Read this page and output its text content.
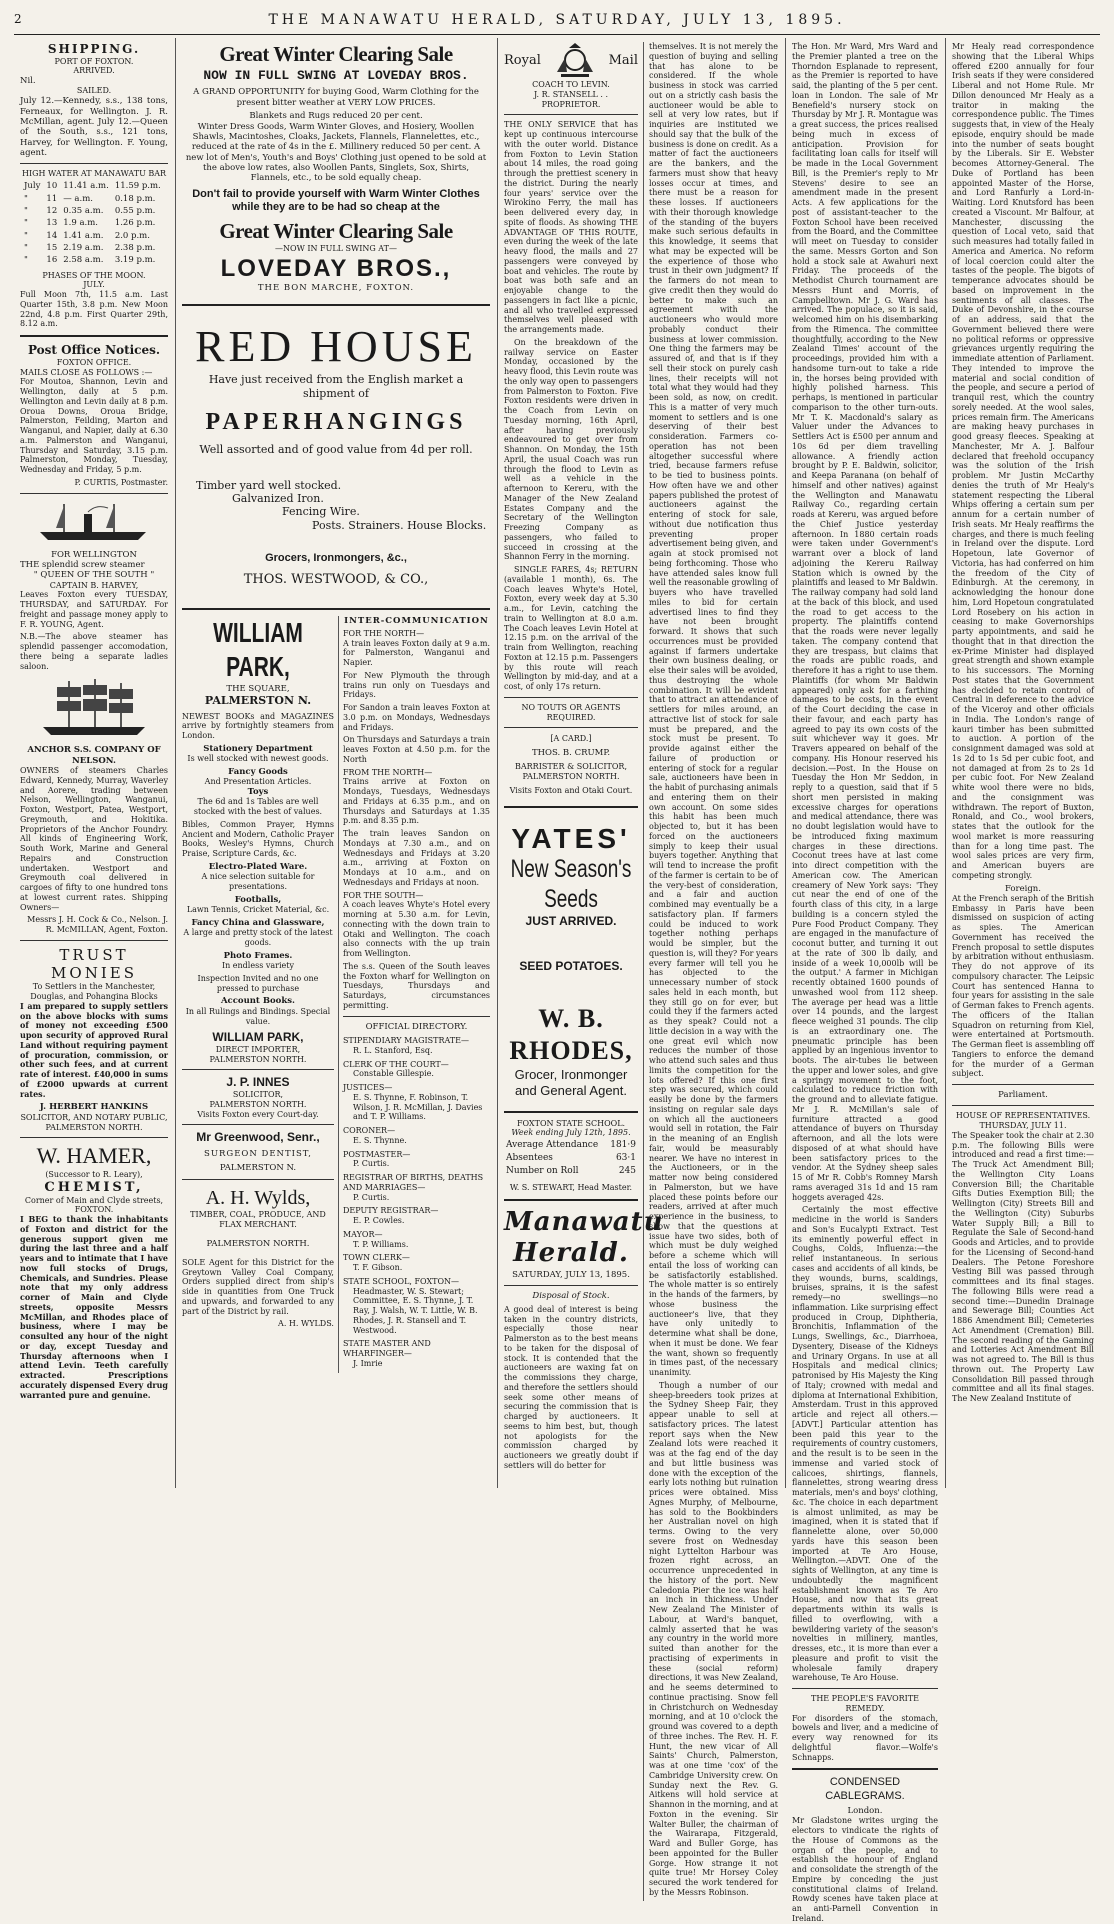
2	THE MANAWATU HERALD, SATURDAY, JULY 13, 1895.
SHIPPING.
PORT OF FOXTON.
ARRIVED.
Nil.
SAILED.

July 12.—Kennedy, s.s., 138 tons, Ferneaux, for Wellington. J. R. McMillan, agent. July 12.—Queen of the South, s.s., 121 tons, Harvey, for Wellington. F. Young, agent.

HIGH WATER AT MANAWATU BAR
July	10	11.41 a.m.	11.59 p.m.
"	11	— a.m.	0.18 p.m.
"	12	0.35 a.m.	0.55 p.m.
"	13	1.9 a.m.	1.26 p.m.
"	14	1.41 a.m.	2.0 p.m.
"	15	2.19 a.m.	2.38 p.m.
"	16	2.58 a.m.	3.19 p.m.
PHASES OF THE MOON.
JULY.

Full Moon 7th, 11.5 a.m. Last Quarter 15th, 3.8 p.m. New Moon 22nd, 4.8 p.m. First Quarter 29th, 8.12 a.m.

Post Office Notices.
FOXTON OFFICE.
MAILS CLOSE AS FOLLOWS :—

For Moutoa, Shannon, Levin and Wellington, daily at 5 p.m. Wellington and Levin daily at 8 p.m. Oroua Downs, Oroua Bridge, Palmerston, Feilding, Marton and Wanganui, and Napier, daily at 6.30 a.m. Palmerston and Wanganui, Thursday and Saturday, 3.15 p.m. Palmerston, Monday, Tuesday, Wednesday and Friday, 5 p.m.

P. CURTIS, Postmaster.
FOR WELLINGTON
THE splendid screw steamer
" QUEEN OF THE SOUTH "
CAPTAIN B. HARVEY,

Leaves Foxton every TUESDAY, THURSDAY, and SATURDAY. For freight and passage money apply to F. R. YOUNG, Agent.

N.B.—The above steamer has splendid passenger accomodation, there being a separate ladies saloon.

ANCHOR S.S. COMPANY OF NELSON.

OWNERS of steamers Charles Edward, Kennedy, Murray, Waverley and Aorere, trading between Nelson, Wellington, Wanganui, Foxton, Westport, Patea, Westport, Greymouth, and Hokitika. Proprietors of the Anchor Foundry. All kinds of Engineering Work, South Work, Marine and General Repairs and Construction undertaken. Westport and Greymouth coal delivered in cargoes of fifty to one hundred tons at lowest current rates. Shipping Owners—

Messrs J. H. Cock & Co., Nelson. J. R. McMILLAN, Agent, Foxton.

TRUST MONIES
To Settlers in the Manchester, Douglas, and Pohangina Blocks

I am prepared to supply settlers on the above blocks with sums of money not exceeding £500 upon security of approved Rural Land without requiring payment of procuration, commission, or other such fees, and at current rate of interest. £40,000 in sums of £2000 upwards at current rates.

J. HERBERT HANKINS
SOLICITOR, AND NOTARY PUBLIC, PALMERSTON NORTH.
W. HAMER,
(Successor to R. Leary),
CHEMIST,
Corner of Main and Clyde streets, FOXTON.

I BEG to thank the inhabitants of Foxton and district for the generous support given me during the last three and a half years and to intimate that I have now full stocks of Drugs, Chemicals, and Sundries. Please note that my only address corner of Main and Clyde streets, opposite Messrs McMillan, and Rhodes place of business, where I may be consulted any hour of the night or day, except Tuesday and Thursday afternoons when I attend Levin. Teeth carefully extracted. Prescriptions accurately dispensed Every drug warranted pure and genuine.

Great Winter Clearing Sale
NOW IN FULL SWING AT LOVEDAY BROS.

A GRAND OPPORTUNITY for buying Good, Warm Clothing for the present bitter weather at VERY LOW PRICES.

Blankets and Rugs reduced 20 per cent.

Winter Dress Goods, Warm Winter Gloves, and Hosiery, Woollen Shawls, Macintoshes, Cloaks, Jackets, Flannels, Flannelettes, etc., reduced at the rate of 4s in the £. Millinery reduced 50 per cent. A new lot of Men's, Youth's and Boys' Clothing just opened to be sold at the above low rates, also Woollen Pants, Singlets, Sox, Shirts, Flannels, etc., to be sold equally cheap.

Don't fail to provide yourself with Warm Winter Clothes while they are to be had so cheap at the
Great Winter Clearing Sale
—NOW IN FULL SWING AT—
LOVEDAY BROS.,
THE BON MARCHE, FOXTON.
RED HOUSE
Have just received from the English market a shipment of
PAPERHANGINGS
Well assorted and of good value from 4d per roll.
Timber yard well stocked.
Galvanized Iron.
Fencing Wire.
Posts. Strainers. House Blocks.
Grocers, Ironmongers, &c.,
THOS. WESTWOOD, & CO.,
WILLIAM PARK,
THE SQUARE,
PALMERSTON N.

NEWEST BOOKs and MAGAZINES arrive by fortnightly steamers from London.

Stationery Department
Is well stocked with newest goods.
Fancy Goods
And Presentation Articles.
Toys
The 6d and 1s Tables are well stocked with the best of values.

Bibles, Common Prayer, Hymns Ancient and Modern, Catholic Prayer Books, Wesley's Hymns, Church Praise, Scripture Cards, &c.

Electro-Plated Ware.
A nice selection suitable for presentations.
Footballs,
Lawn Tennis, Cricket Material, &c.
Fancy China and Glassware,
A large and pretty stock of the latest goods.
Photo Frames.
In endless variety
Inspection Invited and no one pressed to purchase
Account Books.
In all Rulings and Bindings. Special value.
WILLIAM PARK,
DIRECT IMPORTER,
PALMERSTON NORTH.
J. P. INNES
SOLICITOR,
PALMERSTON NORTH.
Visits Foxton every Court-day.
Mr Greenwood, Senr.,
SURGEON DENTIST,
PALMERSTON N.
A. H. Wylds,
TIMBER, COAL, PRODUCE, AND FLAX MERCHANT.
PALMERSTON NORTH.

SOLE Agent for this District for the Greytown Valley Coal Company, Orders supplied direct from ship's side in quantities from One Truck and upwards, and forwarded to any part of the District by rail.

A. H. WYLDS.
INTER-COMMUNICATION
FOR THE NORTH—

A train leaves Foxton daily at 9 a.m. for Palmerston, Wanganui and Napier.

For New Plymouth the through trains run only on Tuesdays and Fridays.

For Sandon a train leaves Foxton at 3.0 p.m. on Mondays, Wednesdays and Fridays.

On Thursdays and Saturdays a train leaves Foxton at 4.50 p.m. for the North

FROM THE NORTH—

Trains arrive at Foxton on Mondays, Tuesdays, Wednesdays and Fridays at 6.35 p.m., and on Thursdays and Saturdays at 1.35 p.m. and 8.35 p.m.

The train leaves Sandon on Mondays at 7.30 a.m., and on Wednesdays and Fridays at 3.20 a.m., arriving at Foxton on Mondays at 10 a.m., and on Wednesdays and Fridays at noon.

FOR THE SOUTH—

A coach leaves Whyte's Hotel every morning at 5.30 a.m. for Levin, connecting with the down train to Otaki and Wellington. The coach also connects with the up train from Wellington.

The s.s. Queen of the South leaves the Foxton wharf for Wellington on Tuesdays, Thursdays and Saturdays, circumstances permitting.

OFFICIAL DIRECTORY.
STIPENDIARY MAGISTRATE—
R. L. Stanford, Esq.
CLERK OF THE COURT—
Constable Gillespie.
JUSTICES—
E. S. Thynne, F. Robinson, T. Wilson, J. R. McMillan, J. Davies and T. P. Williams.
CORONER—
E. S. Thynne.
POSTMASTER—
P. Curtis.
REGISTRAR OF BIRTHS, DEATHS AND MARRIAGES—
P. Curtis.
DEPUTY REGISTRAR—
E. P. Cowles.
MAYOR—
T. P. Williams.
TOWN CLERK—
T. F. Gibson.
STATE SCHOOL, FOXTON—
Headmaster, W. S. Stewart; Committee, E. S. Thynne, J. T. Ray, J. Walsh, W. T. Little, W. B. Rhodes, J. R. Stansell and T. Westwood.
STATE MASTER AND WHARFINGER—
J. Imrie
Royal	Mail
COACH TO LEVIN.
J. R. STANSELL . . PROPRIETOR.

THE ONLY SERVICE that has kept up continuous intercourse with the outer world. Distance from Foxton to Levin Station about 14 miles, the road going through the prettiest scenery in the district. During the nearly four years' service over the Wirokino Ferry, the mail has been delivered every day, in spite of floods. As showing THE ADVANTAGE OF THIS ROUTE, even during the week of the late heavy flood, the mails and 27 passengers were conveyed by boat and vehicles. The route by boat was both safe and an enjoyable change to the passengers in fact like a picnic, and all who travelled expressed themselves well pleased with the arrangements made.

On the breakdown of the railway service on Easter Monday, occasioned by the heavy flood, this Levin route was the only way open to passengers from Palmerston to Foxton. Five Foxton residents were driven in the Coach from Levin on Tuesday morning, 16th April, after having previously endeavoured to get over from Shannon. On Monday, the 15th April, the usual Coach was run through the flood to Levin as well as a vehicle in the afternoon to Kereru, with the Manager of the New Zealand Estates Company and the Secretary of the Wellington Freezing Company as passengers, who failed to succeed in crossing at the Shannon Ferry in the morning.

SINGLE FARES, 4s; RETURN (available 1 month), 6s. The Coach leaves Whyte's Hotel, Foxton, every week day at 5.30 a.m., for Levin, catching the train to Wellington at 8.0 a.m. The Coach leaves Levin Hotel at 12.15 p.m. on the arrival of the train from Wellington, reaching Foxton at 12.15 p.m. Passengers by this route will reach Wellington by mid-day, and at a cost, of only 17s return.

NO TOUTS OR AGENTS REQUIRED.
[A CARD.]
THOS. B. CRUMP.
BARRISTER & SOLICITOR,
PALMERSTON NORTH.
Visits Foxton and Otaki Court.
YATES'
New Season's Seeds
JUST ARRIVED.
SEED POTATOES.
W. B. RHODES,
Grocer, Ironmonger and General Agent.
FOXTON STATE SCHOOL.
Week ending July 12th, 1895.
Average Attendance	181·9
Absentees	63·1
Number on Roll	245
W. S. STEWART, Head Master.
Manawatu Herald.
SATURDAY, JULY 13, 1895.
Disposal of Stock.

A good deal of interest is being taken in the country districts, especially those near Palmerston as to the best means to be taken for the disposal of stock. It is contended that the auctioneers are waxing fat on the commissions they charge, and therefore the settlers should seek some other means of securing the commission that is charged by auctioneers. It seems to him best, but, though not apologists for the commission charged by auctioneers we greatly doubt if settlers will do better for

themselves. It is not merely the question of buying and selling that has alone to be considered. If the whole business in stock was carried out on a strictly cash basis the auctioneer would be able to sell at very low rates, but if inquiries are instituted we should say that the bulk of the business is done on credit. As a matter of fact the auctioneers are the bankers, and the farmers must show that heavy losses occur at times, and there must be a reason for these losses. If auctioneers with their thorough knowledge of the standing of the buyers make such serious defaults in this knowledge, it seems that what may be expected will be the experience of those who trust in their own judgment? If the farmers do not mean to give credit then they would do better to make such an agreement with the auctioneers who would more probably conduct their business at lower commission. One thing the farmers may be assured of, and that is if they sell their stock on purely cash lines, their receipts will not total what they would had they been sold, as now, on credit. This is a matter of very much moment to settlers and is one deserving of their best consideration. Farmers co-operation has not been altogether successful where tried, because farmers refuse to be tied to business points. How often have we and other papers published the protest of auctioneers against the entering of stock for sale, without due notification thus preventing proper advertisement being given, and again at stock promised not being forthcoming. Those who have attended sales know full well the reasonable growling of buyers who have travelled miles to bid for certain advertised lines to find they have not been brought forward. It shows that such occurrences must be provided against if farmers undertake their own business dealing, or else their sales will be avoided, thus destroying the whole combination. It will be evident that to attract an attendance of settlers for miles around, an attractive list of stock for sale must be prepared, and the stock must be present. To provide against either the failure of production or entering of stock for a regular sale, auctioneers have been in the habit of purchasing animals and entering them on their own account. On some sides this habit has been much objected to, but it has been forced on the auctioneers simply to keep their usual buyers together. Anything that will tend to increase the profit of the farmer is certain to be of the very-best of consideration, and a fair and auction combined may eventually be a satisfactory plan. If farmers could be induced to work together nothing perhaps would be simpler, but the question is, will they? For years every farmer will tell you he has objected to the unnecessary number of stock sales held in each month, but they still go on for ever, but could they if the farmers acted as they speak? Could not a little decision in a way with the one great evil which now reduces the number of those who attend such sales and thus limits the competition for the lots offered? If this one first step was secured, which could easily be done by the farmers insisting on regular sale days on which all the auctioneers would sell in rotation, the Fair in the meaning of an English fair, would be measurably nearer. We have no interest in the Auctioneers, or in the matter now being considered in Palmerston, but we have placed these points before our readers, arrived at after much experience in the business, to show that the questions at issue have two sides, both of which must be duly weighed before a scheme which will entail the loss of working can be satisfactorily established. The whole matter is so entirely in the hands of the farmers, by whose business the auctioneer's live, that they have only unitedly to determine what shall be done, when it must be done. We fear the want, shown so frequently in times past, of the necessary unanimity.

Though a number of our sheep-breeders took prizes at the Sydney Sheep Fair, they appear unable to sell at satisfactory prices. The latest report says when the New Zealand lots were reached it was at the fag end of the day and but little business was done with the exception of the early lots nothing but ruination prices were obtained. Miss Agnes Murphy, of Melbourne, has sold to the Bookbinders her Australian novel on high terms. Owing to the very severe frost on Wednesday night Lyttelton Harbour was frozen right across, an occurrence unprecedented in the history of the port. New Caledonia Pier the ice was half an inch in thickness. Under New Zealand The Minister of Labour, at Ward's banquet, calmly asserted that he was any country in the world more suited than another for the practising of experiments in these (social reform) directions, it was New Zealand, and he seems determined to continue practising. Snow fell in Christchurch on Wednesday morning, and at 10 o'clock the ground was covered to a depth of three inches. The Rev. H. F. Hunt, the new vicar of All Saints' Church, Palmerston, was at one time 'cox' of the Cambridge University crew. On Sunday next the Rev. G. Aitkens will hold service at Shannon in the morning, and at Foxton in the evening. Sir Walter Buller, the chairman of the Wairarapa, Fitzgerald, Ward and Buller Gorge, has been appointed for the Buller Gorge. How strange it not quite true! Mr Horsey Coley secured the work tendered for by the Messrs Robinson.

The Hon. Mr Ward, Mrs Ward and the Premier planted a tree on the Thorndon Esplanade to represent, as the Premier is reported to have said, the planting of the 5 per cent. loan in London. The sale of Mr Benefield's nursery stock on Thursday by Mr J. R. Montague was a great success, the prices realised being much in excess of anticipation. Provision for facilitating loan calls for itself will be made in the Local Government Bill, is the Premier's reply to Mr Stevens' desire to see an amendment made in the present Acts. A few applications for the post of assistant-teacher to the Foxton School have been received from the Board, and the Committee will meet on Tuesday to consider the same. Messrs Gorton and Son hold a stock sale at Awahuri next Friday. The proceeds of the Methodist Church tournament are Messrs Hunt and Morris, of Campbelltown. Mr J. G. Ward has arrived. The populace, so it is said, welcomed him on his disembarking from the Rimenca. The committee thoughtfully, according to the New Zealand Times' account of the proceedings, provided him with a handsome turn-out to take a ride in, the horses being provided with highly polished harness. This perhaps, is mentioned in particular comparison to the other turn-outs. Mr T. K. Macdonald's salary as Valuer under the Advances to Settlers Act is £500 per annum and 10s 6d per diem travelling allowance. A friendly action brought by P. E. Baldwin, solicitor, and Keepa Paranana (on behalf of himself and other natives) against the Wellington and Manawatu Railway Co., regarding certain roads at Kereru, was argued before the Chief Justice yesterday afternoon. In 1880 certain roads were taken under Government's warrant over a block of land adjoining the Kereru Railway Station which is owned by the plaintiffs and leased to Mr Baldwin. The railway company had sold land at the back of this block, and used the road to get access to the property. The plaintiffs contend that the roads were never legally taken. The company contend that they are trespass, but claims that the roads are public roads, and therefore it has a right to use them. Plaintiffs (for whom Mr Baldwin appeared) only ask for a farthing damages to be costs, in the event of the Court deciding the case in their favour, and each party has agreed to pay its own costs of the suit whichever way it goes. Mr Travers appeared on behalf of the company. His Honour reserved his decision.—Post. In the House on Tuesday the Hon Mr Seddon, in reply to a question, said that if 5 short men persisted in making excessive charges for operations and medical attendance, there was no doubt legislation would have to be introduced fixing maximum charges in these directions. Coconut trees have at last come into direct competition with the American cow. The American creamery of New York says: 'They cut near the end of one of the fourth class of this city, in a large building is a concern styled the Pure Food Product Company. They are engaged in the manufacture of coconut butter, and turning it out at the rate of 300 lb daily, and inside of a week 10,000lb will be the output.' A farmer in Michigan recently obtained 1600 pounds of unwashed wool from 112 sheep. The average per head was a little over 14 pounds, and the largest fleece weighed 31 pounds. The clip is an extraordinary one. The pneumatic principle has been applied by an ingenious inventor to boots. The air-tubes lie between the upper and lower soles, and give a springy movement to the foot, calculated to reduce friction with the ground and to alleviate fatigue. Mr J. R. McMillan's sale of furniture attracted a good attendance of buyers on Thursday afternoon, and all the lots were disposed of at what should have been satisfactory prices to the vendor. At the Sydney sheep sales 15 of Mr R. Cobb's Romney Marsh rams averaged 31s 1d and 15 ram hoggets averaged 42s.

Certainly the most effective medicine in the world is Sanders and Son's Eucalypti Extract. Test its eminently powerful effect in Coughs, Colds, Influenza:—the relief instantaneous. In serious cases and accidents of all kinds, be they wounds, burns, scaldings, bruises, sprains, it is the safest remedy—no swellings—no inflammation. Like surprising effect produced in Croup, Diphtheria, Bronchitis, Inflammation of the Lungs, Swellings, &c., Diarrhoea, Dysentery, Disease of the Kidneys and Urinary Organs. In use at all Hospitals and medical clinics; patronised by His Majesty the King of Italy; crowned with medal and diploma at International Exhibition, Amsterdam. Trust in this approved article and reject all others.—[ADVT.] Particular attention has been paid this year to the requirements of country customers, and the result is to be seen in the immense and varied stock of calicoes, shirtings, flannels, flannelettes, strong wearing dress materials, men's and boys' clothing, &c. The choice in each department is almost unlimited, as may be imagined, when it is stated that if flannelette alone, over 50,000 yards have this season been imported at Te Aro House, Wellington.—ADVT. One of the sights of Wellington, at any time is undoubtedly the magnificent establishment known as Te Aro House, and now that its great departments within its walls is filled to overflowing, with a bewildering variety of the season's novelties in millinery, mantles, dresses, etc., it is more than ever a pleasure and profit to visit the wholesale family drapery warehouse, Te Aro House.

THE PEOPLE'S FAVORITE REMEDY.

For disorders of the stomach, bowels and liver, and a medicine of every way renowned for its delightful flavor.—Wolfe's Schnapps.

CONDENSED CABLEGRAMS.
London.

Mr Gladstone writes urging the electors to vindicate the rights of the House of Commons as the organ of the people, and to establish the honour of England and consolidate the strength of the Empire by conceding the just constitutional claims of Ireland. Rowdy scenes have taken place at an anti-Parnell Convention in Ireland.

Mr Healy read correspondence showing that the Liberal Whips offered £200 annually for four Irish seats if they were considered Liberal and not Home Rule. Mr Dillon denounced Mr Healy as a traitor in making the correspondence public. The Times suggests that, in view of the Healy episode, enquiry should be made into the number of seats bought by the Liberals. Sir E. Webster becomes Attorney-General. The Duke of Portland has been appointed Master of the Horse, and Lord Ranfurly a Lord-in-Waiting. Lord Knutsford has been created a Viscount. Mr Balfour, at Manchester, discussing the question of Local veto, said that such measures had totally failed in America and America. No reform of local coercion could alter the tastes of the people. The bigots of temperance advocates should be based on improvement in the sentiments of all classes. The Duke of Devonshire, in the course of an address, said that the Government believed there were no political reforms or oppressive grievances urgently requiring the immediate attention of Parliament. They intended to improve the material and social condition of the people, and secure a period of tranquil rest, which the country sorely needed. At the wool sales, prices remain firm. The Americans are making heavy purchases in good greasy fleeces. Speaking at Manchester, Mr A. J. Balfour declared that freehold occupancy was the solution of the Irish problem. Mr Justin McCarthy denies the truth of Mr Healy's statement respecting the Liberal Whips offering a certain sum per annum for a certain number of Irish seats. Mr Healy reaffirms the charges, and there is much feeling in Ireland over the dispute. Lord Hopetoun, late Governor of Victoria, has had conferred on him the freedom of the City of Edinburgh. At the ceremony, in acknowledging the honour done him, Lord Hopetoun congratulated Lord Rosebery on his action in ceasing to make Governorships party appointments, and said he thought that in that direction the ex-Prime Minister had displayed great strength and shown example to his successors. The Morning Post states that the Government has decided to retain control of Central in deference to the advice of the Viceroy and other officials in India. The London's range of kauri timber has been submitted to auction. A portion of the consignment damaged was sold at 1s 2d to 1s 5d per cubic foot, and not damaged at from 2s to 2s 1d per cubic foot. For New Zealand white wool there were no bids, and the consignment was withdrawn. The report of Buxton, Ronald, and Co., wool brokers, states that the outlook for the wool market is more reassuring than for a long time past. The wool sales prices are very firm, and American buyers are competing strongly.

Foreign.

At the French seraph of the British Embassy in Paris have been dismissed on suspicion of acting as spies. The American Government has received the French proposal to settle disputes by arbitration without enthusiasm. They do not approve of its compulsory character. The Leipsic Court has sentenced Hanna to four years for assisting in the sale of German fakes to French agents. The officers of the Italian Squadron on returning from Kiel, were entertained at Portsmouth. The German fleet is assembling off Tangiers to enforce the demand for the murder of a German subject.

Parliament.
HOUSE OF REPRESENTATIVES.
THURSDAY, JULY 11.

The Speaker took the chair at 2.30 p.m. The following Bills were introduced and read a first time:—The Truck Act Amendment Bill; the Wellington City Loans Conversion Bill; the Charitable Gifts Duties Exemption Bill; the Wellington (City) Streets Bill and the Wellington (City) Suburbs Water Supply Bill; a Bill to Regulate the Sale of Second-hand Goods and Articles, and to provide for the Licensing of Second-hand Dealers. The Petone Foreshore Vesting Bill was passed through committees and its final stages. The following Bills were read a second time:—Dunedin Drainage and Sewerage Bill; Counties Act 1886 Amendment Bill; Cemeteries Act Amendment (Cremation) Bill. The second reading of the Gaming and Lotteries Act Amendment Bill was not agreed to. The Bill is thus thrown out. The Property Law Consolidation Bill passed through committee and all its final stages. The New Zealand Institute of
